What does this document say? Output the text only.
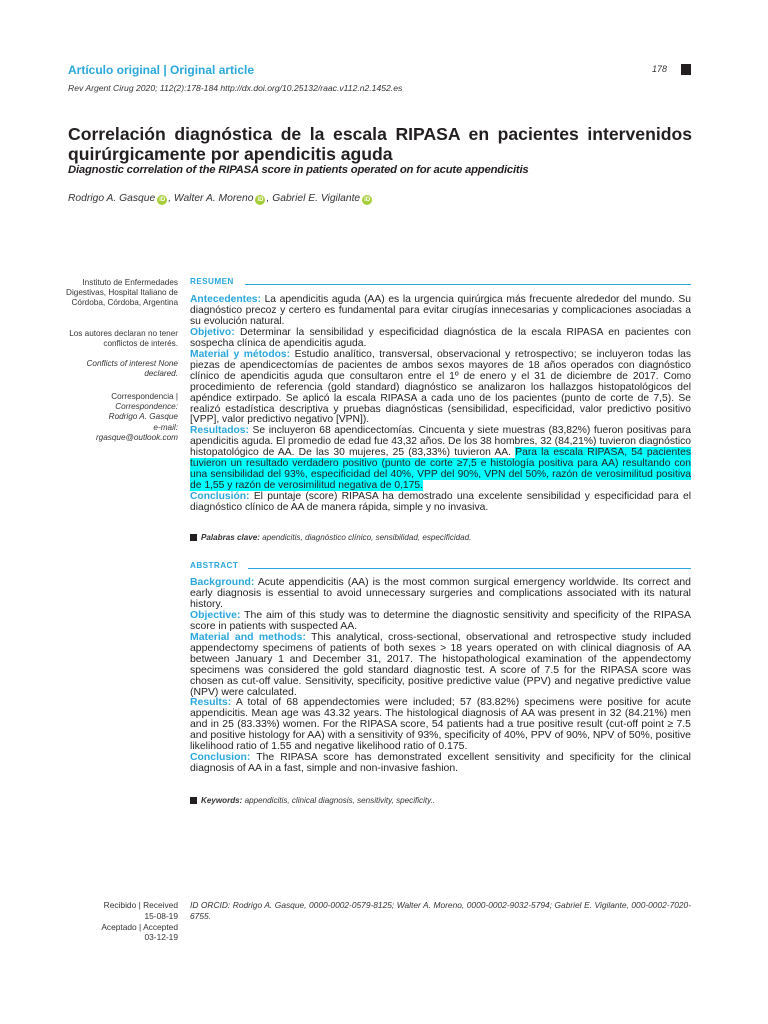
Artículo original | Original article
Rev Argent Cirug 2020; 112(2):178-184 http://dx.doi.org/10.25132/raac.v112.n2.1452.es
178
Correlación diagnóstica de la escala RIPASA en pacientes intervenidos quirúrgicamente por apendicitis aguda
Diagnostic correlation of the RIPASA score in patients operated on for acute appendicitis
Rodrigo A. Gasque iD , Walter A. Moreno iD , Gabriel E. Vigilante iD
Instituto de Enfermedades Digestivas, Hospital Italiano de Córdoba, Córdoba, Argentina
Los autores declaran no tener conflictos de interés.
Conflicts of interest None declared.
Correspondencia |
Correspondence:
Rodrigo A. Gasque
e-mail:
rgasque@outlook.com
RESUMEN

Antecedentes: La apendicitis aguda (AA) es la urgencia quirúrgica más frecuente alrededor del mundo. Su diagnóstico precoz y certero es fundamental para evitar cirugías innecesarias y complicaciones asociadas a su evolución natural.

Objetivo: Determinar la sensibilidad y especificidad diagnóstica de la escala RIPASA en pacientes con sospecha clínica de apendicitis aguda.

Material y métodos: Estudio analítico, transversal, observacional y retrospectivo; se incluyeron todas las piezas de apendicectomías de pacientes de ambos sexos mayores de 18 años operados con diagnóstico clínico de apendicitis aguda que consultaron entre el 1º de enero y el 31 de diciembre de 2017. Como procedimiento de referencia (gold standard) diagnóstico se analizaron los hallazgos histopatológicos del apéndice extirpado. Se aplicó la escala RIPASA a cada uno de los pacientes (punto de corte de 7,5). Se realizó estadística descriptiva y pruebas diagnósticas (sensibilidad, especificidad, valor predictivo positivo [VPP], valor predictivo negativo [VPN]).

Resultados: Se incluyeron 68 apendicectomías. Cincuenta y siete muestras (83,82%) fueron positivas para apendicitis aguda. El promedio de edad fue 43,32 años. De los 38 hombres, 32 (84,21%) tuvieron diagnóstico histopatológico de AA. De las 30 mujeres, 25 (83,33%) tuvieron AA. Para la escala RIPASA, 54 pacientes tuvieron un resultado verdadero positivo (punto de corte ≥7,5 e histología positiva para AA) resultando con una sensibilidad del 93%, especificidad del 40%, VPP del 90%, VPN del 50%, razón de verosimilitud positiva de 1,55 y razón de verosimilitud negativa de 0,175.

Conclusión: El puntaje (score) RIPASA ha demostrado una excelente sensibilidad y especificidad para el diagnóstico clínico de AA de manera rápida, simple y no invasiva.

Palabras clave: apendicitis, diagnóstico clínico, sensibilidad, especificidad.
ABSTRACT

Background: Acute appendicitis (AA) is the most common surgical emergency worldwide. Its correct and early diagnosis is essential to avoid unnecessary surgeries and complications associated with its natural history.

Objective: The aim of this study was to determine the diagnostic sensitivity and specificity of the RIPASA score in patients with suspected AA.

Material and methods: This analytical, cross-sectional, observational and retrospective study included appendectomy specimens of patients of both sexes > 18 years operated on with clinical diagnosis of AA between January 1 and December 31, 2017. The histopathological examination of the appendectomy specimens was considered the gold standard diagnostic test. A score of 7.5 for the RIPASA score was chosen as cut-off value. Sensitivity, specificity, positive predictive value (PPV) and negative predictive value (NPV) were calculated.

Results: A total of 68 appendectomies were included; 57 (83.82%) specimens were positive for acute appendicitis. Mean age was 43.32 years. The histological diagnosis of AA was present in 32 (84.21%) men and in 25 (83.33%) women. For the RIPASA score, 54 patients had a true positive result (cut-off point ≥ 7.5 and positive histology for AA) with a sensitivity of 93%, specificity of 40%, PPV of 90%, NPV of 50%, positive likelihood ratio of 1.55 and negative likelihood ratio of 0.175.

Conclusion: The RIPASA score has demonstrated excellent sensitivity and specificity for the clinical diagnosis of AA in a fast, simple and non-invasive fashion.

Keywords: appendicitis, clinical diagnosis, sensitivity, specificity..
Recibido | Received
15-08-19
Aceptado | Accepted
03-12-19
ID ORCID: Rodrigo A. Gasque, 0000-0002-0579-8125; Walter A. Moreno, 0000-0002-9032-5794; Gabriel E. Vigilante, 000-0002-7020-6755.
